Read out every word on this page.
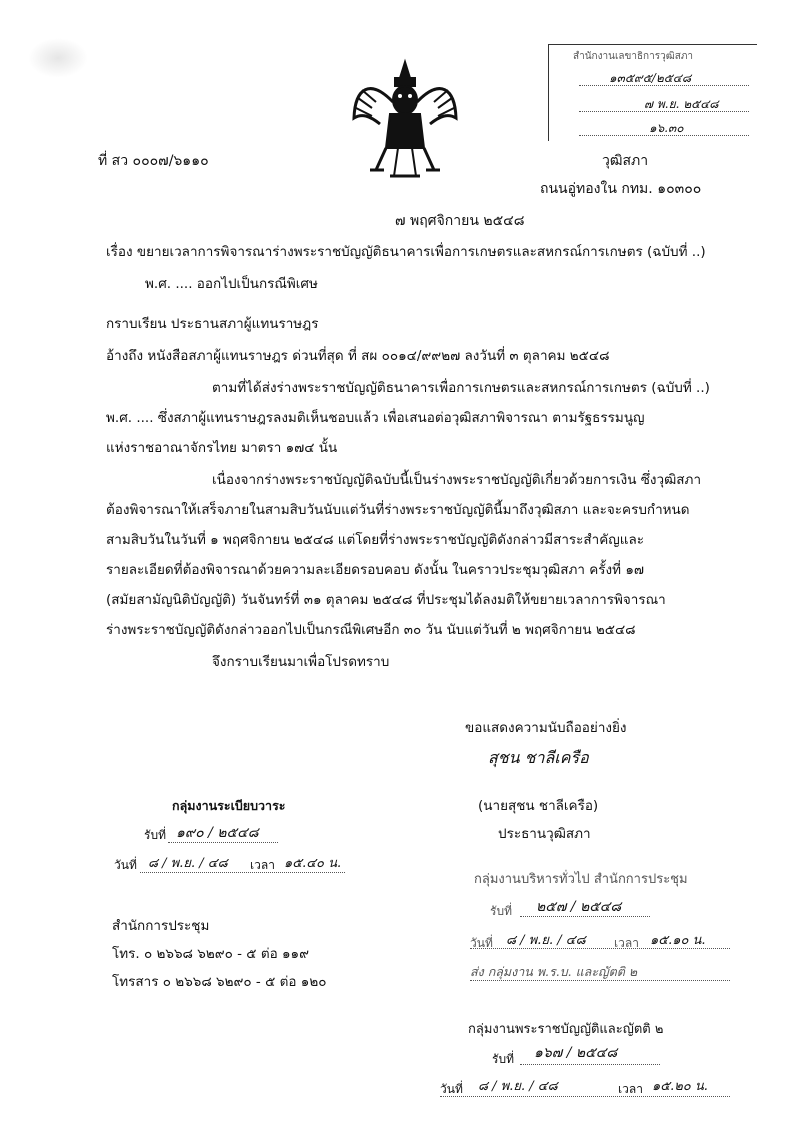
สำนักงานเลขาธิการวุฒิสภา
๑๓๕๙๕/๒๕๔๘
๗ พ.ย. ๒๕๔๘
๑๖.๓๐
ที่ สว ๐๐๐๗/๖๑๑๐	วุฒิสภา
ถนนอู่ทองใน กทม. ๑๐๓๐๐
๗ พฤศจิกายน ๒๕๔๘
เรื่อง ขยายเวลาการพิจารณาร่างพระราชบัญญัติธนาคารเพื่อการเกษตรและสหกรณ์การเกษตร (ฉบับที่ ..)
พ.ศ. .... ออกไปเป็นกรณีพิเศษ
กราบเรียน ประธานสภาผู้แทนราษฎร
อ้างถึง หนังสือสภาผู้แทนราษฎร ด่วนที่สุด ที่ สผ ๐๐๑๔/๙๙๒๗ ลงวันที่ ๓ ตุลาคม ๒๕๔๘
ตามที่ได้ส่งร่างพระราชบัญญัติธนาคารเพื่อการเกษตรและสหกรณ์การเกษตร (ฉบับที่ ..)
พ.ศ. .... ซึ่งสภาผู้แทนราษฎรลงมติเห็นชอบแล้ว เพื่อเสนอต่อวุฒิสภาพิจารณา ตามรัฐธรรมนูญ
แห่งราชอาณาจักรไทย มาตรา ๑๗๔ นั้น
เนื่องจากร่างพระราชบัญญัติฉบับนี้เป็นร่างพระราชบัญญัติเกี่ยวด้วยการเงิน ซึ่งวุฒิสภา
ต้องพิจารณาให้เสร็จภายในสามสิบวันนับแต่วันที่ร่างพระราชบัญญัตินี้มาถึงวุฒิสภา และจะครบกำหนด
สามสิบวันในวันที่ ๑ พฤศจิกายน ๒๕๔๘ แต่โดยที่ร่างพระราชบัญญัติดังกล่าวมีสาระสำคัญและ
รายละเอียดที่ต้องพิจารณาด้วยความละเอียดรอบคอบ ดังนั้น ในคราวประชุมวุฒิสภา ครั้งที่ ๑๗
(สมัยสามัญนิติบัญญัติ) วันจันทร์ที่ ๓๑ ตุลาคม ๒๕๔๘ ที่ประชุมได้ลงมติให้ขยายเวลาการพิจารณา
ร่างพระราชบัญญัติดังกล่าวออกไปเป็นกรณีพิเศษอีก ๓๐ วัน นับแต่วันที่ ๒ พฤศจิกายน ๒๕๔๘
จึงกราบเรียนมาเพื่อโปรดทราบ
ขอแสดงความนับถืออย่างยิ่ง
สุชน ชาลีเครือ
(นายสุชน ชาลีเครือ)
ประธานวุฒิสภา
กลุ่มงานระเบียบวาระ
รับที่ ๑๙๐ / ๒๕๔๘
วันที่ ๘ / พ.ย. / ๔๘ เวลา ๑๕.๔๐ น.
กลุ่มงานบริหารทั่วไป สำนักการประชุม
รับที่ ๒๕๗ / ๒๕๔๘
วันที่ ๘ / พ.ย. / ๔๘ เวลา ๑๕.๑๐ น.
ส่ง กลุ่มงาน พ.ร.บ. และญัตติ ๒
สำนักการประชุม
โทร. ๐ ๒๖๖๘ ๖๒๙๐ - ๕ ต่อ ๑๑๙
โทรสาร ๐ ๒๖๖๘ ๖๒๙๐ - ๕ ต่อ ๑๒๐
กลุ่มงานพระราชบัญญัติและญัตติ ๒
รับที่ ๑๖๗ / ๒๕๔๘
วันที่ ๘ / พ.ย. / ๔๘	เวลา ๑๕.๒๐ น.
